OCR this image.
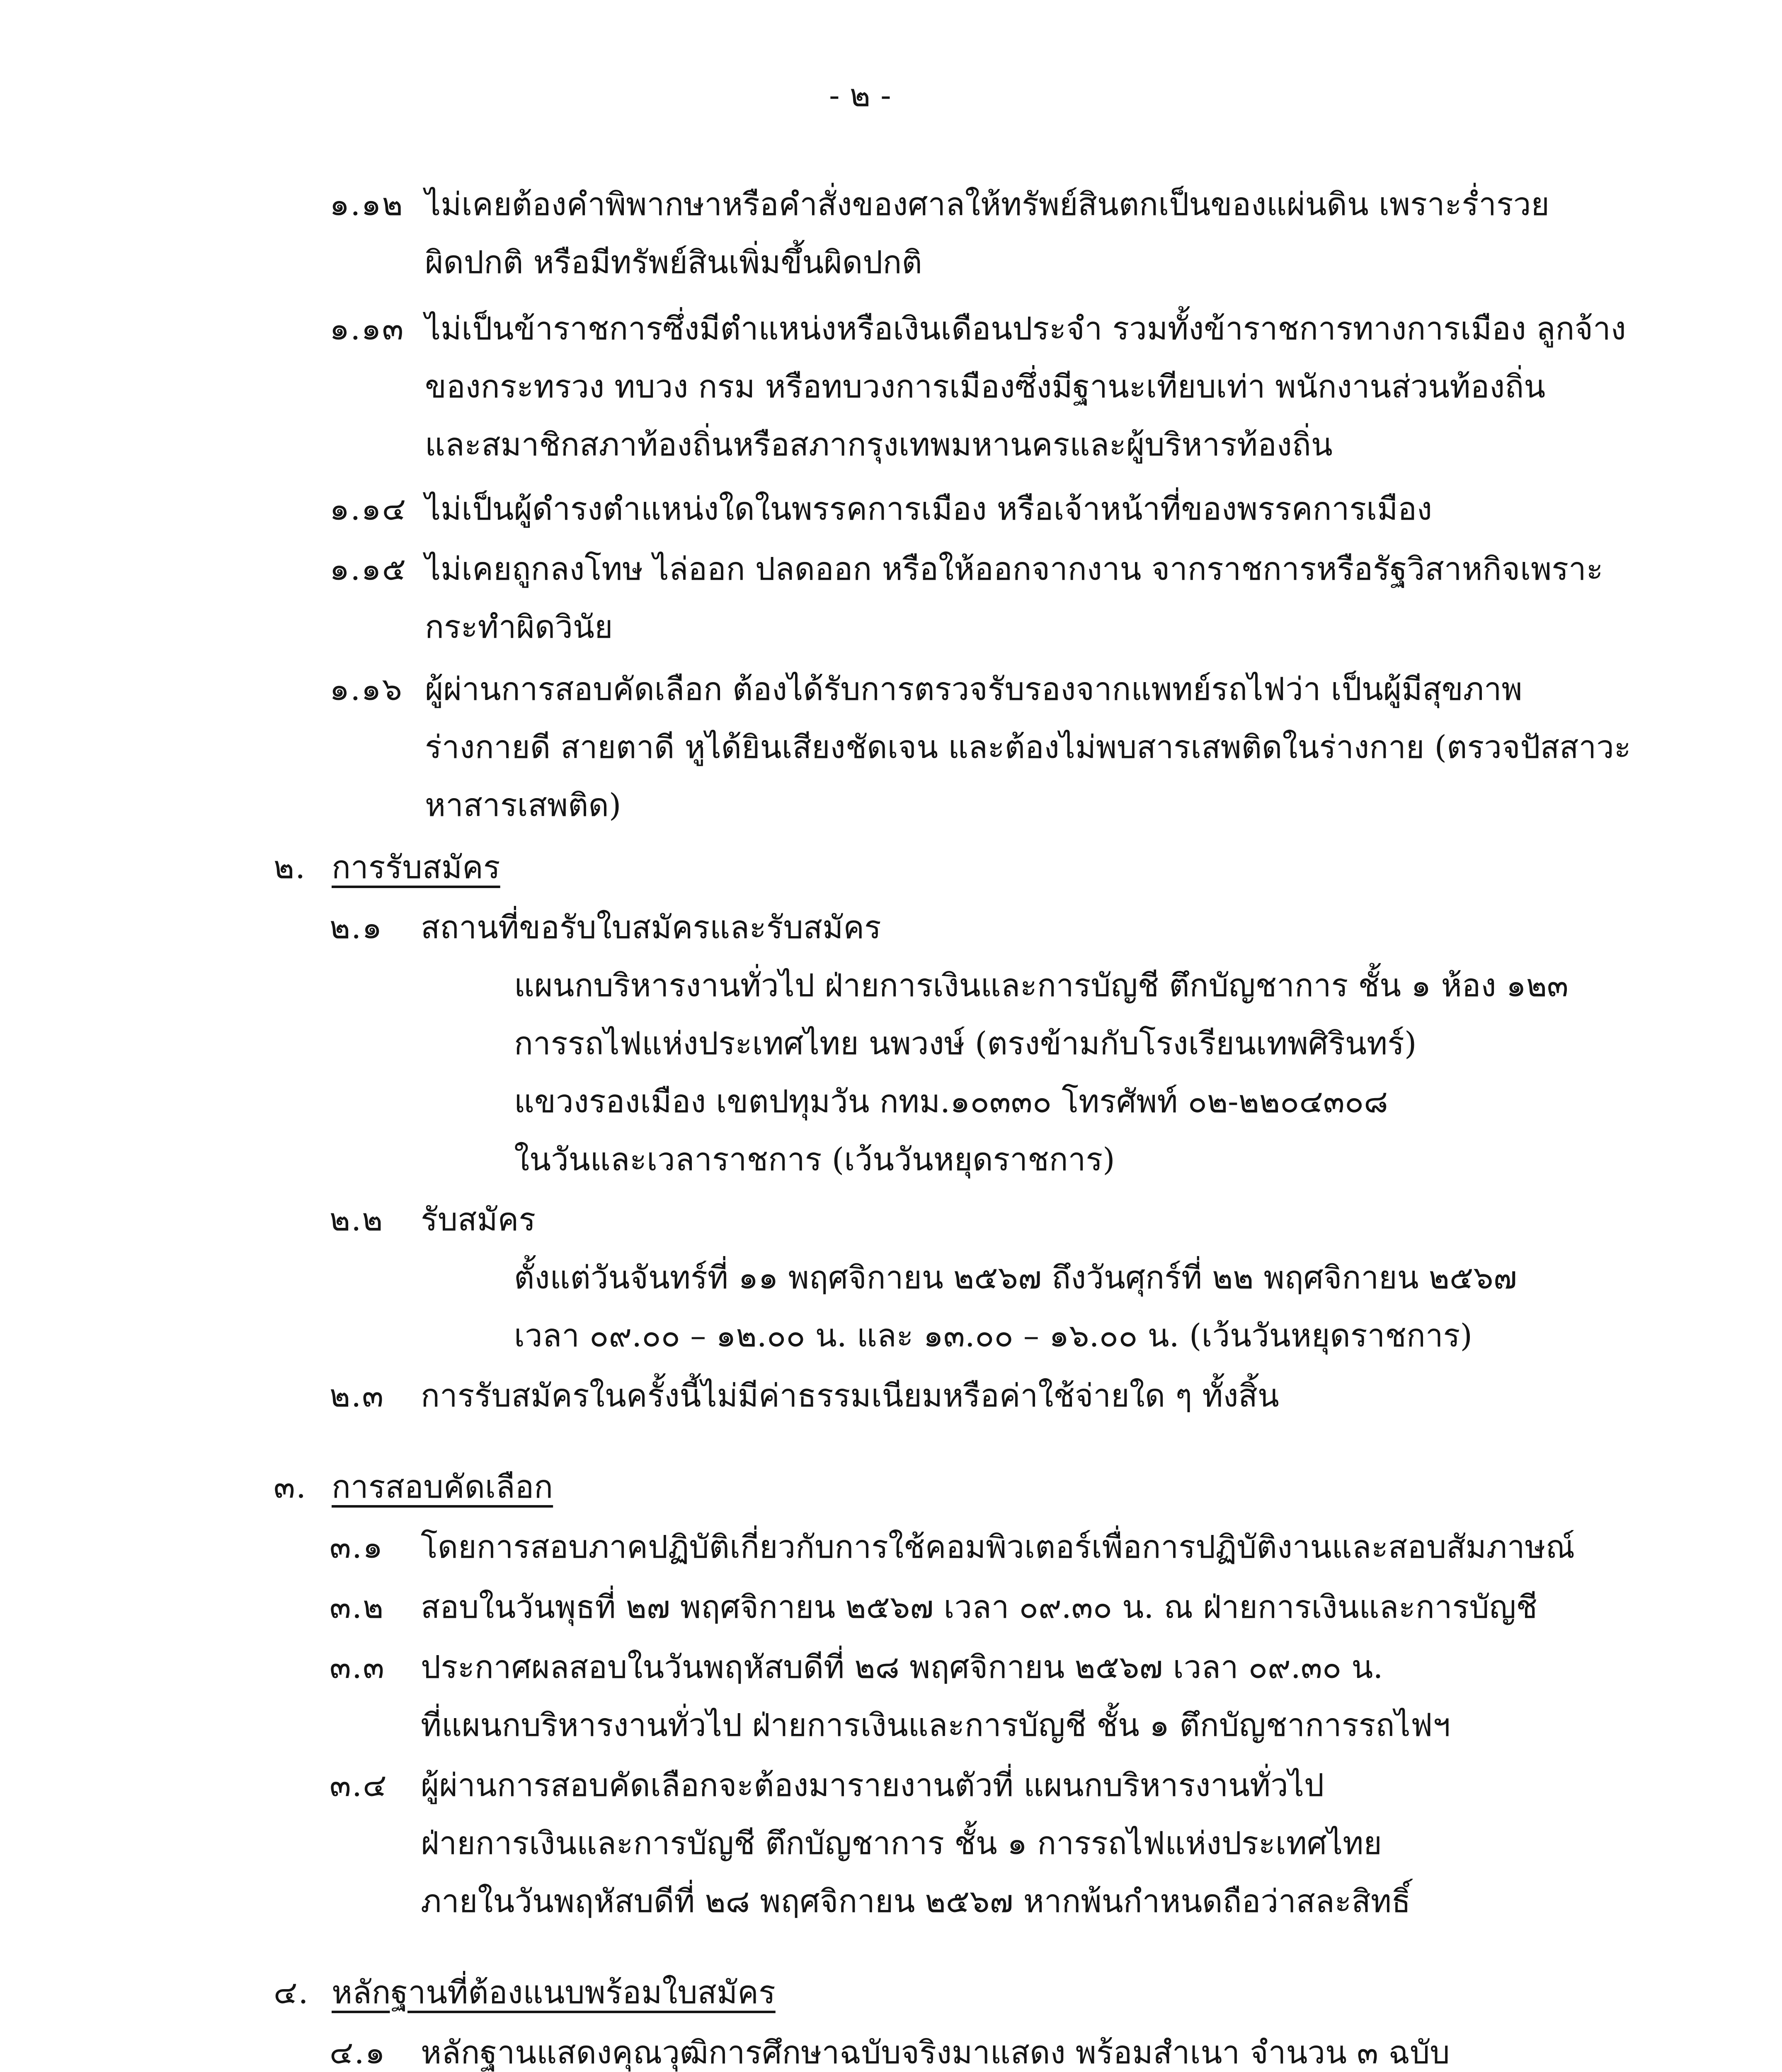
- ๒ -
๑.๑๒ ไม่เคยต้องคำพิพากษาหรือคำสั่งของศาลให้ทรัพย์สินตกเป็นของแผ่นดิน เพราะร่ำรวย
ผิดปกติ หรือมีทรัพย์สินเพิ่มขึ้นผิดปกติ
๑.๑๓ ไม่เป็นข้าราชการซึ่งมีตำแหน่งหรือเงินเดือนประจำ รวมทั้งข้าราชการทางการเมือง ลูกจ้าง
ของกระทรวง ทบวง กรม หรือทบวงการเมืองซึ่งมีฐานะเทียบเท่า พนักงานส่วนท้องถิ่น
และสมาชิกสภาท้องถิ่นหรือสภากรุงเทพมหานครและผู้บริหารท้องถิ่น
๑.๑๔ ไม่เป็นผู้ดำรงตำแหน่งใดในพรรคการเมือง หรือเจ้าหน้าที่ของพรรคการเมือง
๑.๑๕ ไม่เคยถูกลงโทษ ไล่ออก ปลดออก หรือให้ออกจากงาน จากราชการหรือรัฐวิสาหกิจเพราะ
กระทำผิดวินัย
๑.๑๖ ผู้ผ่านการสอบคัดเลือก ต้องได้รับการตรวจรับรองจากแพทย์รถไฟว่า เป็นผู้มีสุขภาพ
ร่างกายดี สายตาดี หูได้ยินเสียงชัดเจน และต้องไม่พบสารเสพติดในร่างกาย (ตรวจปัสสาวะ
หาสารเสพติด)
๒. การรับสมัคร
๒.๑ สถานที่ขอรับใบสมัครและรับสมัคร
แผนกบริหารงานทั่วไป ฝ่ายการเงินและการบัญชี ตึกบัญชาการ ชั้น ๑ ห้อง ๑๒๓
การรถไฟแห่งประเทศไทย นพวงษ์ (ตรงข้ามกับโรงเรียนเทพศิรินทร์)
แขวงรองเมือง เขตปทุมวัน กทม.๑๐๓๓๐ โทรศัพท์ ๐๒-๒๒๐๔๓๐๘
ในวันและเวลาราชการ (เว้นวันหยุดราชการ)
๒.๒ รับสมัคร
ตั้งแต่วันจันทร์ที่ ๑๑ พฤศจิกายน ๒๕๖๗ ถึงวันศุกร์ที่ ๒๒ พฤศจิกายน ๒๕๖๗
เวลา ๐๙.๐๐ – ๑๒.๐๐ น. และ ๑๓.๐๐ – ๑๖.๐๐ น. (เว้นวันหยุดราชการ)
๒.๓ การรับสมัครในครั้งนี้ไม่มีค่าธรรมเนียมหรือค่าใช้จ่ายใด ๆ ทั้งสิ้น
๓. การสอบคัดเลือก
๓.๑ โดยการสอบภาคปฏิบัติเกี่ยวกับการใช้คอมพิวเตอร์เพื่อการปฏิบัติงานและสอบสัมภาษณ์
๓.๒ สอบในวันพุธที่ ๒๗ พฤศจิกายน ๒๕๖๗ เวลา ๐๙.๓๐ น. ณ ฝ่ายการเงินและการบัญชี
๓.๓ ประกาศผลสอบในวันพฤหัสบดีที่ ๒๘ พฤศจิกายน ๒๕๖๗ เวลา ๐๙.๓๐ น.
ที่แผนกบริหารงานทั่วไป ฝ่ายการเงินและการบัญชี ชั้น ๑ ตึกบัญชาการรถไฟฯ
๓.๔ ผู้ผ่านการสอบคัดเลือกจะต้องมารายงานตัวที่ แผนกบริหารงานทั่วไป
ฝ่ายการเงินและการบัญชี ตึกบัญชาการ ชั้น ๑ การรถไฟแห่งประเทศไทย
ภายในวันพฤหัสบดีที่ ๒๘ พฤศจิกายน ๒๕๖๗ หากพ้นกำหนดถือว่าสละสิทธิ์
๔. หลักฐานที่ต้องแนบพร้อมใบสมัคร
๔.๑ หลักฐานแสดงคุณวุฒิการศึกษาฉบับจริงมาแสดง พร้อมสำเนา จำนวน ๓ ฉบับ
